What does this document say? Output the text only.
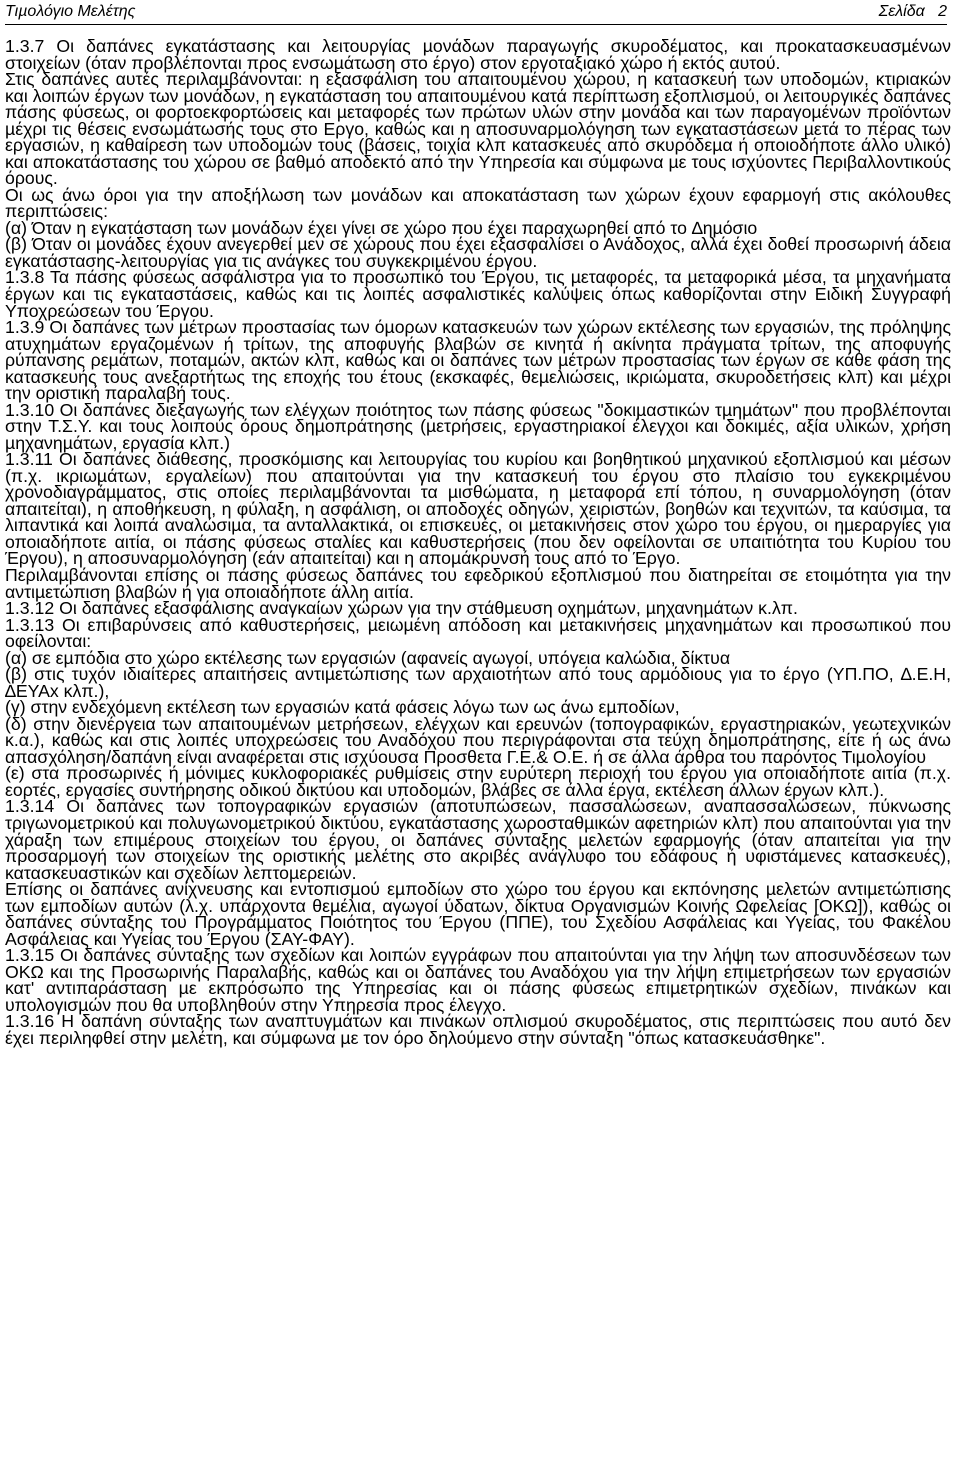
Τιµολόγιο Μελέτης	Σελίδα 2

1.3.7 Οι δαπάνες εγκατάστασης και λειτουργίας µονάδων παραγωγής σκυροδέµατος, και προκατασκευασµένων στοιχείων (όταν προβλέπονται προς ενσωµάτωση στο έργο) στον εργοταξιακό χώρο ή εκτός αυτού.

Στις δαπάνες αυτές περιλαµβάνονται: η εξασφάλιση του απαιτουµένου χώρου, η κατασκευή των υποδοµών, κτιριακών και λοιπών έργων των µονάδων, η εγκατάσταση του απαιτουµένου κατά περίπτωση εξοπλισµού, οι λειτουργικές δαπάνες πάσης φύσεως, οι φορτοεκφορτώσεις και µεταφορές των πρώτων υλών στην µονάδα και των παραγοµένων προϊόντων µέχρι τις θέσεις ενσωµάτωσής τους στο Εργο, καθώς και η αποσυναρµολόγηση των εγκαταστάσεων µετά το πέρας των εργασιών, η καθαίρεση των υποδοµών τους (βάσεις, τοιχία κλπ κατασκευές από σκυρόδεµα ή οποιοδήποτε άλλο υλικό) και αποκατάστασης του χώρου σε βαθµό αποδεκτό από την Υπηρεσία και σύµφωνα µε τους ισχύοντες Περιβαλλοντικούς όρους.

Οι ως άνω όροι για την αποξήλωση των µονάδων και αποκατάσταση των χώρων έχουν εφαρµογή στις ακόλουθες περιπτώσεις:

(α) Όταν η εγκατάσταση των µονάδων έχει γίνει σε χώρο που έχει παραχωρηθεί από το ∆ηµόσιο

(β) Όταν οι µονάδες έχουν ανεγερθεί µεν σε χώρους που έχει εξασφαλίσει ο Ανάδοχος, αλλά έχει δοθεί προσωρινή άδεια εγκατάστασης-λειτουργίας για τις ανάγκες του συγκεκριµένου έργου.

1.3.8 Τα πάσης φύσεως ασφάλιστρα για το προσωπικό του Έργου, τις µεταφορές, τα µεταφορικά µέσα, τα µηχανήµατα έργων και τις εγκαταστάσεις, καθώς και τις λοιπές ασφαλιστικές καλύψεις όπως καθορίζονται στην Ειδική Συγγραφή Υποχρεώσεων του Έργου.

1.3.9 Οι δαπάνες των µέτρων προστασίας των όµορων κατασκευών των χώρων εκτέλεσης των εργασιών, της πρόληψης ατυχηµάτων εργαζοµένων ή τρίτων, της αποφυγής βλαβών σε κινητά ή ακίνητα πράγµατα τρίτων, της αποφυγής ρύπανσης ρεµάτων, ποταµών, ακτών κλπ, καθώς και οι δαπάνες των µέτρων προστασίας των έργων σε κάθε φάση της κατασκευής τους ανεξαρτήτως της εποχής του έτους (εκσκαφές, θεµελιώσεις, ικριώµατα, σκυροδετήσεις κλπ) και µέχρι την οριστική παραλαβή τους.

1.3.10 Οι δαπάνες διεξαγωγής των ελέγχων ποιότητος των πάσης φύσεως "δοκιµαστικών τµηµάτων" που προβλέπονται στην Τ.Σ.Υ. και τους λοιπούς όρους δηµοπράτησης (µετρήσεις, εργαστηριακοί έλεγχοι και δοκιµές, αξία υλικών, χρήση µηχανηµάτων, εργασία κλπ.)

1.3.11 Οι δαπάνες διάθεσης, προσκόµισης και λειτουργίας του κυρίου και βοηθητικού µηχανικού εξοπλισµού και µέσων (π.χ. ικριωµάτων, εργαλείων) που απαιτούνται για την κατασκευή του έργου στο πλαίσιο του εγκεκριµένου χρονοδιαγράµµατος, στις οποίες περιλαµβάνονται τα µισθώµατα, η µεταφορά επί τόπου, η συναρµολόγηση (όταν απαιτείται), η αποθήκευση, η φύλαξη, η ασφάλιση, οι αποδοχές οδηγών, χειριστών, βοηθών και τεχνιτών, τα καύσιµα, τα λιπαντικά και λοιπά αναλώσιµα, τα ανταλλακτικά, οι επισκευές, οι µετακινήσεις στον χώρο του έργου, οι ηµεραργίες για οποιαδήποτε αιτία, οι πάσης φύσεως σταλίες και καθυστερήσεις (που δεν οφείλονται σε υπαιτιότητα του Κυρίου του Έργου), η αποσυναρµολόγηση (εάν απαιτείται) και η αποµάκρυνσή τους από το Έργο.

Περιλαµβάνονται επίσης οι πάσης φύσεως δαπάνες του εφεδρικού εξοπλισµού που διατηρείται σε ετοιµότητα για την αντιµετώπιση βλαβών ή για οποιαδήποτε άλλη αιτία.

1.3.12 Οι δαπάνες εξασφάλισης αναγκαίων χώρων για την στάθµευση οχηµάτων, µηχανηµάτων κ.λπ.

1.3.13 Οι επιβαρύνσεις από καθυστερήσεις, µειωµένη απόδοση και µετακινήσεις µηχανηµάτων και προσωπικού που οφείλονται:

(α) σε εµπόδια στο χώρο εκτέλεσης των εργασιών (αφανείς αγωγοί, υπόγεια καλώδια, δίκτυα

(β) στις τυχόν ιδιαίτερες απαιτήσεις αντιµετώπισης των αρχαιοτήτων από τους αρµόδιους για το έργο (ΥΠ.ΠΟ, ∆.Ε.Η, ∆ΕΥΑx κλπ.),

(γ) στην ενδεχόµενη εκτέλεση των εργασιών κατά φάσεις λόγω των ως άνω εµποδίων,

(δ) στην διενέργεια των απαιτουµένων µετρήσεων, ελέγχων και ερευνών (τοπογραφικών, εργαστηριακών, γεωτεχνικών κ.α.), καθώς και στις λοιπές υποχρεώσεις του Αναδόχου που περιγράφονται στα τεύχη δηµοπράτησης, είτε ή ως άνω απασχόληση/δαπάνη είναι αναφέρεται στις ισχύουσα Προσθετα Γ.Ε.& Ο.Ε. ή σε άλλα άρθρα του παρόντος Τιµολογίου

(ε) στα προσωρινές ή µόνιµες κυκλοφοριακές ρυθµίσεις στην ευρύτερη περιοχή του έργου για οποιαδήποτε αιτία (π.χ. εορτές, εργασίες συντήρησης οδικού δικτύου και υποδοµών, βλάβες σε άλλα έργα, εκτέλεση άλλων έργων κλπ.).

1.3.14 Οι δαπάνες των τοπογραφικών εργασιών (αποτυπώσεων, πασσαλώσεων, αναπασσαλώσεων, πύκνωσης τριγωνοµετρικού και πολυγωνοµετρικού δικτύου, εγκατάστασης χωροσταθµικών αφετηριών κλπ) που απαιτούνται για την χάραξη των επιµέρους στοιχείων του έργου, οι δαπάνες σύνταξης µελετών εφαρµογής (όταν απαιτείται για την προσαρµογή των στοιχείων της οριστικής µελέτης στο ακριβές ανάγλυφο του εδάφους ή υφιστάµενες κατασκευές), κατασκευαστικών και σχεδίων λεπτοµερειών.

Επίσης οι δαπάνες ανίχνευσης και εντοπισµού εµποδίων στο χώρο του έργου και εκπόνησης µελετών αντιµετώπισης των εµποδίων αυτών (λ.χ. υπάρχοντα θεµέλια, αγωγοί ύδατων, δίκτυα Οργανισµών Κοινής Ωφελείας [ΟΚΩ]), καθώς οι δαπάνες σύνταξης του Προγράµµατος Ποιότητος του Έργου (ΠΠΕ), του Σχεδίου Ασφάλειας και Υγείας, του Φακέλου Ασφάλειας και Υγείας του Έργου (ΣΑΥ-ΦΑΥ).

1.3.15 Οι δαπάνες σύνταξης των σχεδίων και λοιπών εγγράφων που απαιτούνται για την λήψη των αποσυνδέσεων των ΟΚΩ και της Προσωρινής Παραλαβής, καθώς και οι δαπάνες του Αναδόχου για την λήψη επιµετρήσεων των εργασιών κατ' αντιπαράσταση µε εκπρόσωπο της Υπηρεσίας και οι πάσης φύσεως επιµετρητικών σχεδίων, πινάκων και υπολογισµών που θα υποβληθούν στην Υπηρεσία προς έλεγχο.

1.3.16 Η δαπάνη σύνταξης των αναπτυγµάτων και πινάκων οπλισµού σκυροδέµατος, στις περιπτώσεις που αυτό δεν έχει περιληφθεί στην µελέτη, και σύµφωνα µε τον όρο δηλούµενο στην σύνταξη "όπως κατασκευάσθηκε".
